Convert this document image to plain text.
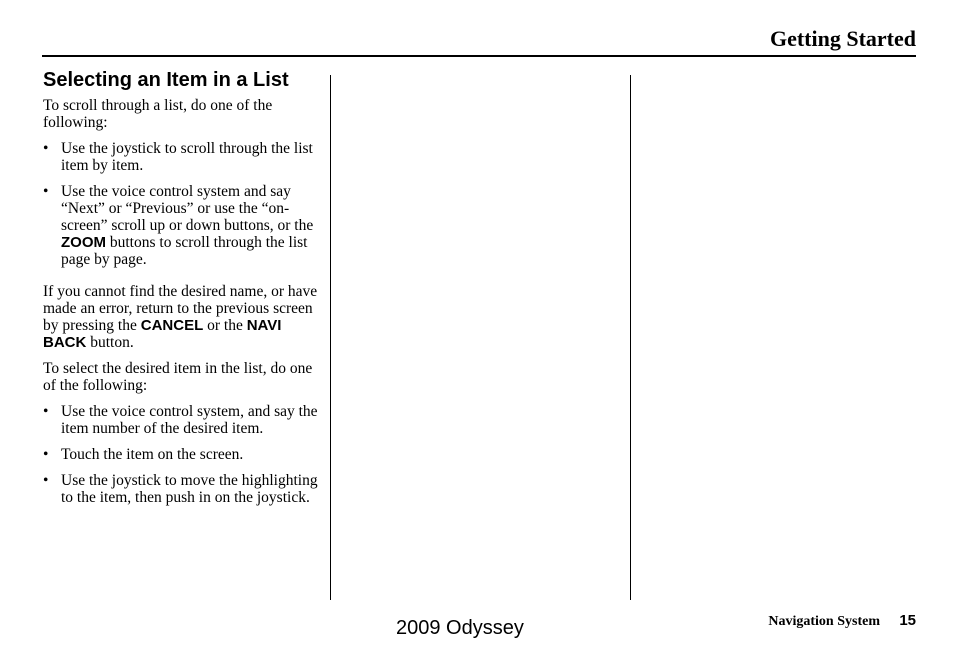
Getting Started
Selecting an Item in a List

To scroll through a list, do one of the following:

• Use the joystick to scroll through the list item by item.
• Use the voice control system and say “Next” or “Previous” or use the “on-screen” scroll up or down buttons, or the ZOOM buttons to scroll through the list page by page.

If you cannot find the desired name, or have made an error, return to the previous screen by pressing the CANCEL or the NAVI BACK button.

To select the desired item in the list, do one of the following:

• Use the voice control system, and say the item number of the desired item.
• Touch the item on the screen.
• Use the joystick to move the highlighting to the item, then push in on the joystick.
Navigation System 15
2009 Odyssey
